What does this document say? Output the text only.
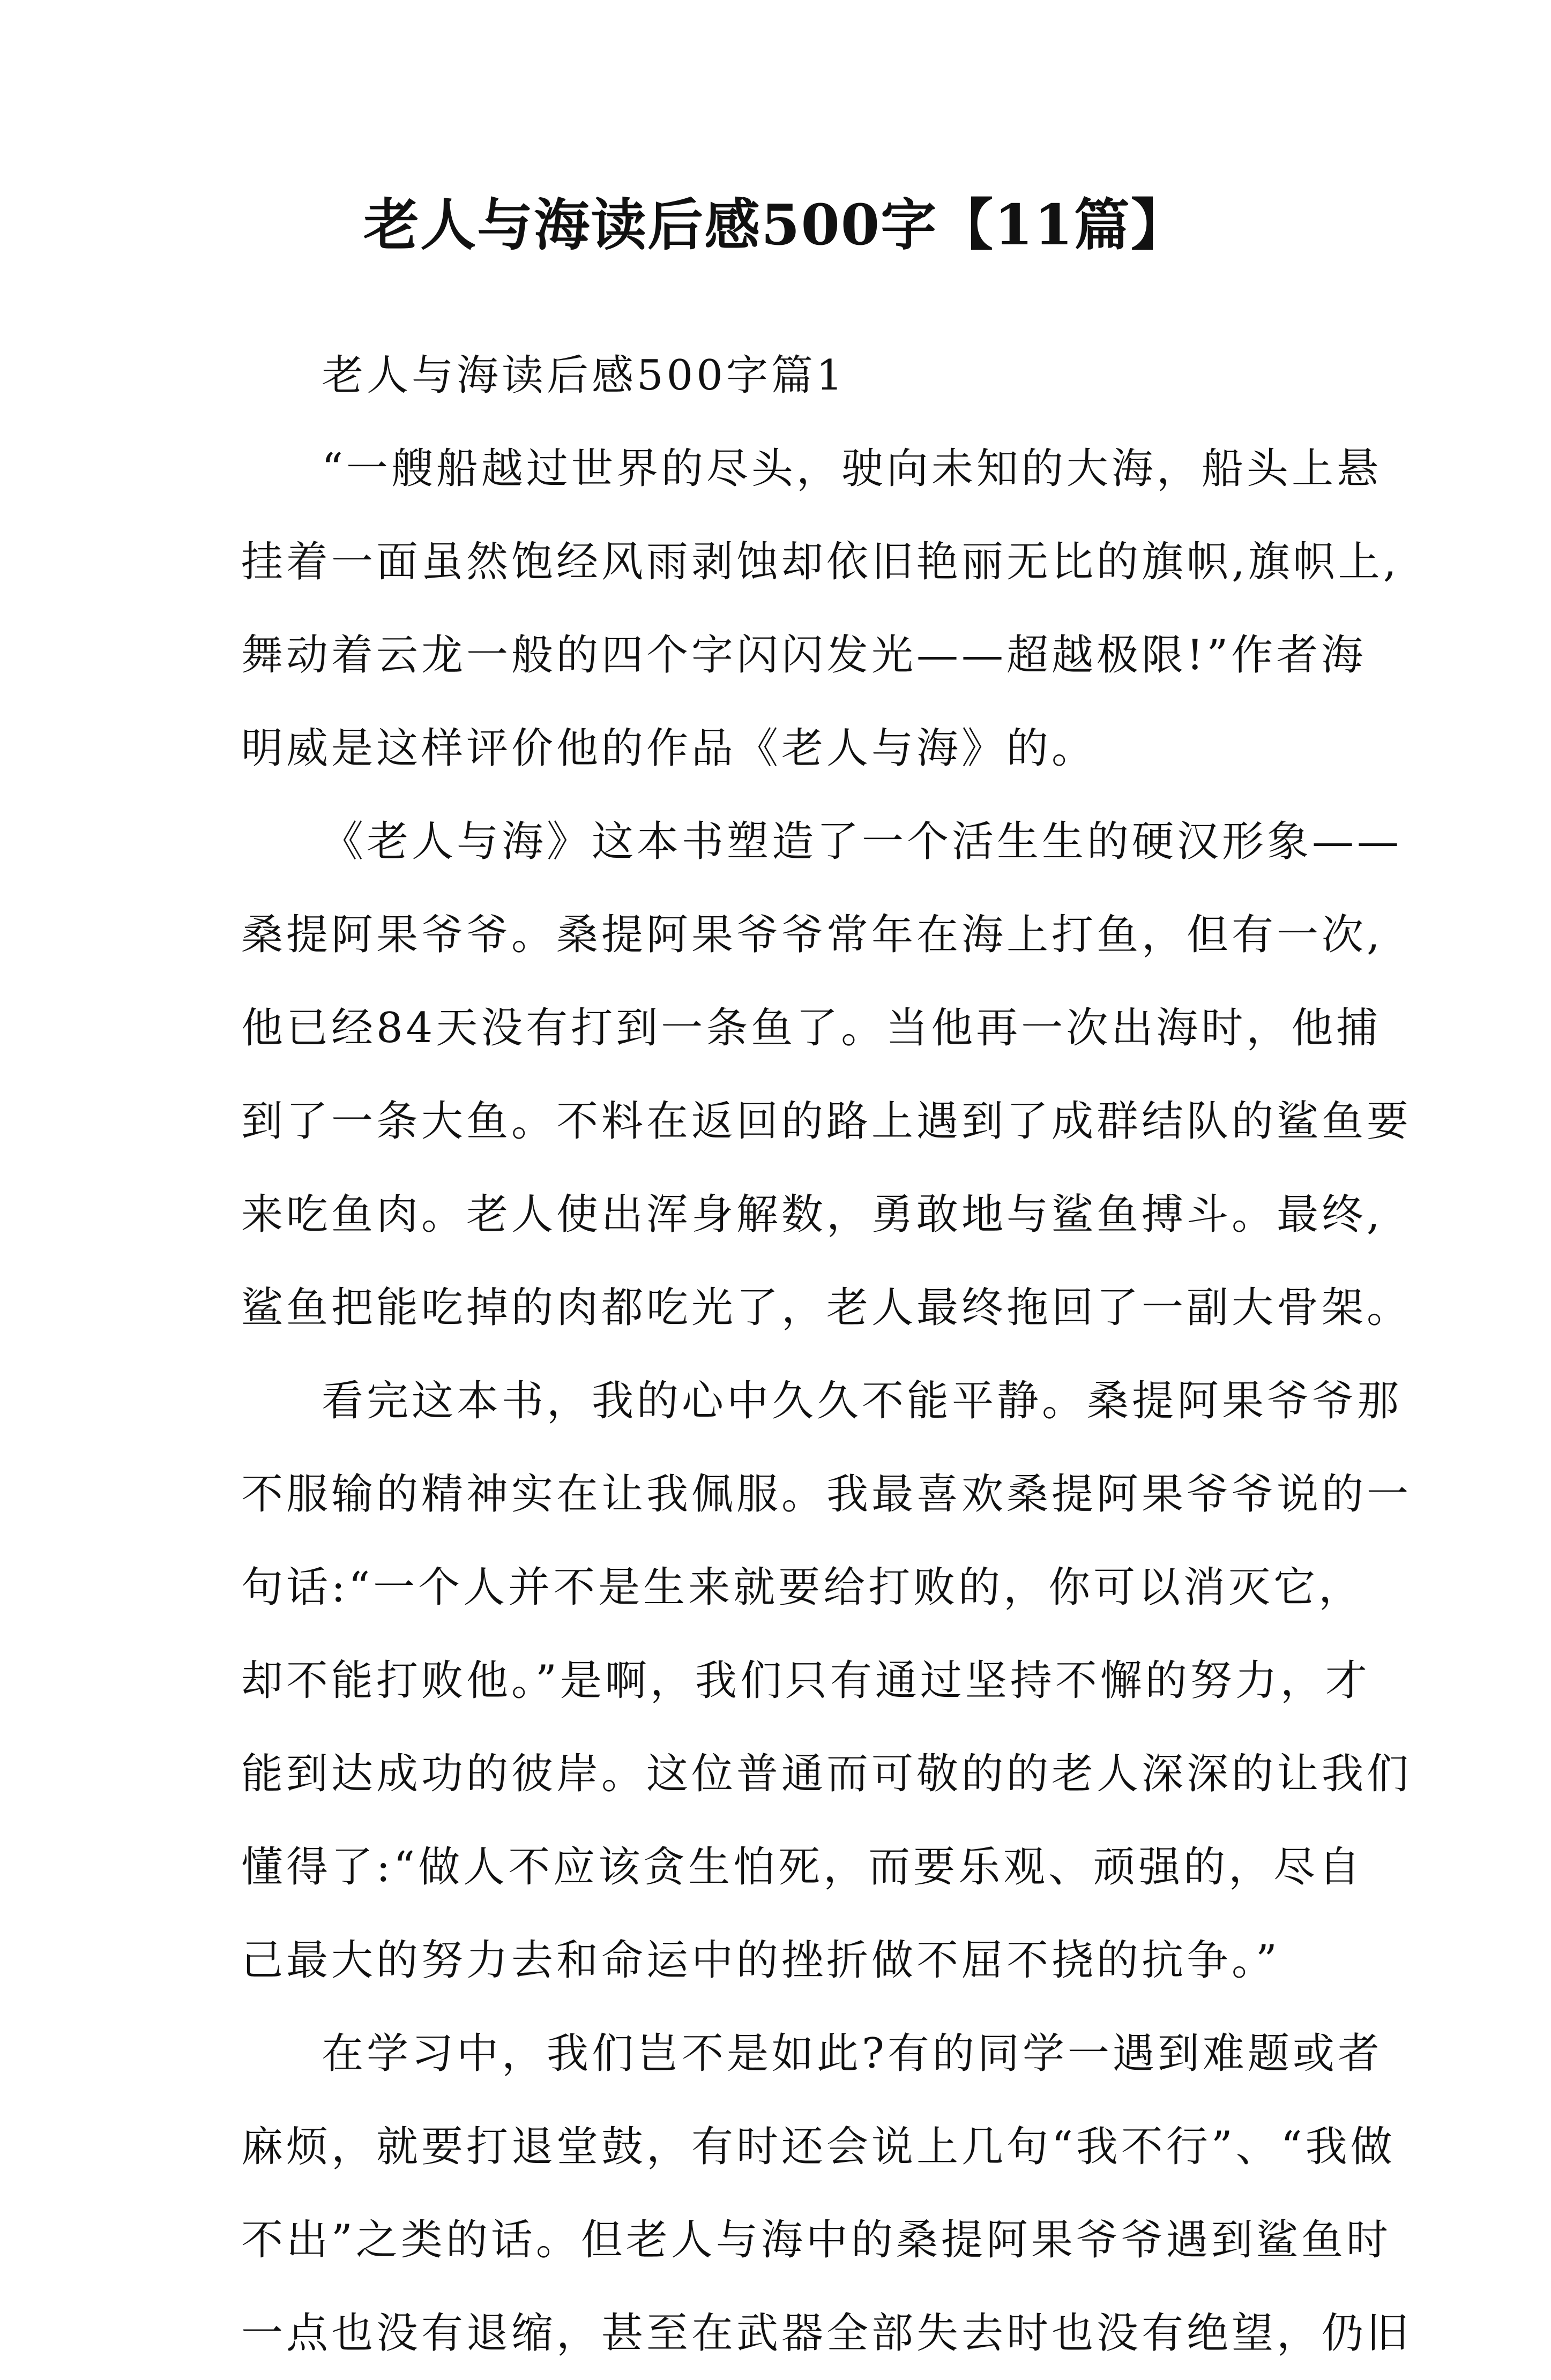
老人与海读后感500字【11篇】

老人与海读后感500字篇1

“一艘船越过世界的尽头，驶向未知的大海，船头上悬

挂着一面虽然饱经风雨剥蚀却依旧艳丽无比的旗帜,旗帜上,

舞动着云龙一般的四个字闪闪发光——超越极限!”作者海

明威是这样评价他的作品《老人与海》的。

《老人与海》这本书塑造了一个活生生的硬汉形象——

桑提阿果爷爷。桑提阿果爷爷常年在海上打鱼，但有一次,

他已经84天没有打到一条鱼了。当他再一次出海时，他捕

到了一条大鱼。不料在返回的路上遇到了成群结队的鲨鱼要

来吃鱼肉。老人使出浑身解数，勇敢地与鲨鱼搏斗。最终,

鲨鱼把能吃掉的肉都吃光了，老人最终拖回了一副大骨架。

看完这本书，我的心中久久不能平静。桑提阿果爷爷那

不服输的精神实在让我佩服。我最喜欢桑提阿果爷爷说的一

句话:“一个人并不是生来就要给打败的，你可以消灭它，

却不能打败他。”是啊，我们只有通过坚持不懈的努力，才

能到达成功的彼岸。这位普通而可敬的的老人深深的让我们

懂得了:“做人不应该贪生怕死，而要乐观、顽强的，尽自

己最大的努力去和命运中的挫折做不屈不挠的抗争。”

在学习中，我们岂不是如此?有的同学一遇到难题或者

麻烦，就要打退堂鼓，有时还会说上几句“我不行”、“我做

不出”之类的话。但老人与海中的桑提阿果爷爷遇到鲨鱼时

一点也没有退缩，甚至在武器全部失去时也没有绝望，仍旧
